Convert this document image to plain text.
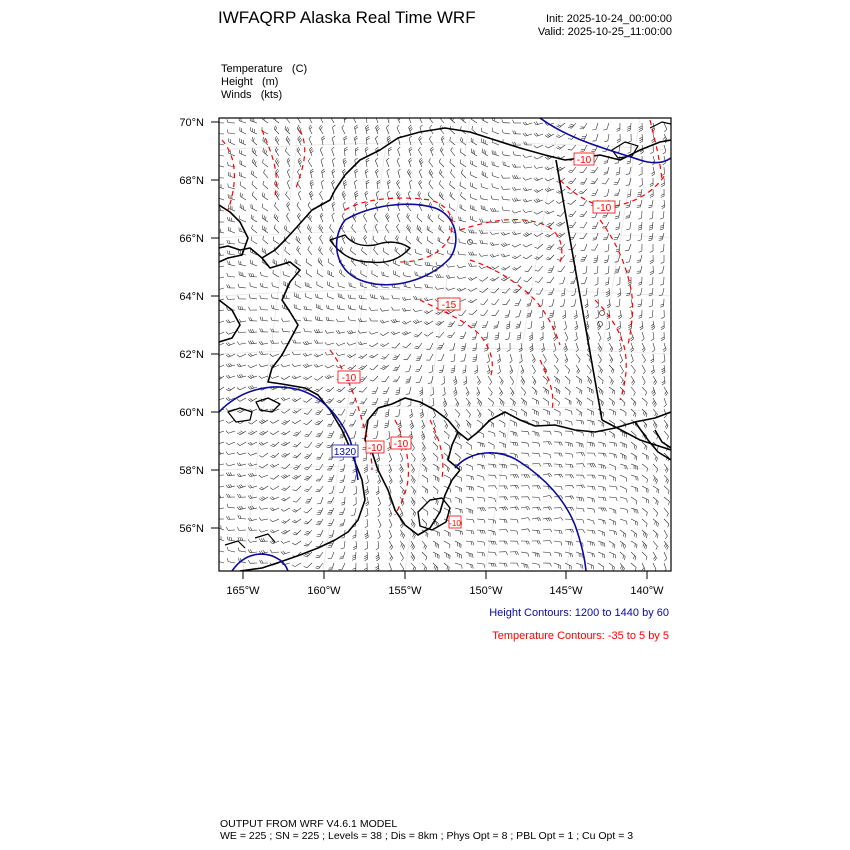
IWFAQRP Alaska Real Time WRF	Init: 2025-10-24_00:00:00
Valid: 2025-10-25_11:00:00
Temperature   (C)
Height   (m)
Winds   (kts)
1320
-10
-10
-15
-10
-10
-10
-10
70°N
68°N
66°N
64°N
62°N
60°N
58°N
56°N
165°W	160°W	155°W	150°W	145°W	140°W
Height Contours: 1200 to 1440 by 60
Temperature Contours: -35 to 5 by 5
OUTPUT FROM WRF V4.6.1 MODEL
WE = 225 ; SN = 225 ; Levels = 38 ; Dis = 8km ; Phys Opt = 8 ; PBL Opt = 1 ; Cu Opt = 3
